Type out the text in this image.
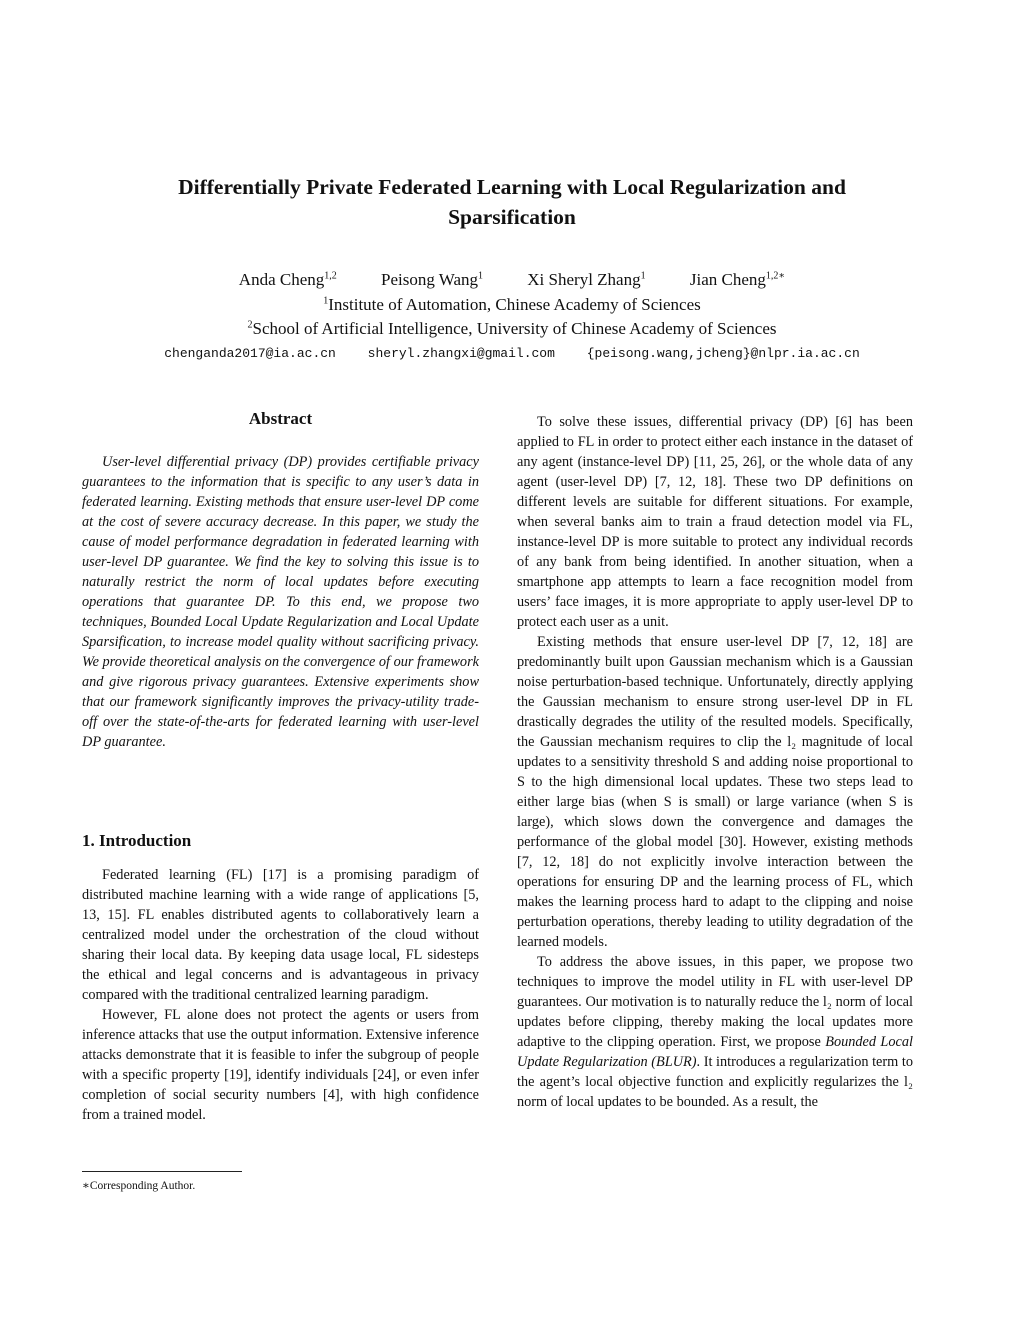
Differentially Private Federated Learning with Local Regularization and
Sparsification
Anda Cheng$^{1,2}$	Peisong Wang$^1$	Xi Sheryl Zhang$^1$	Jian Cheng$^{1,2∗}$
$^1$Institute of Automation, Chinese Academy of Sciences
$^2$School of Artificial Intelligence, University of Chinese Academy of Sciences
chenganda2017@ia.ac.cn sheryl.zhangxi@gmail.com {peisong.wang,jcheng}@nlpr.ia.ac.cn
Abstract

User-level differential privacy (DP) provides certifiable privacy guarantees to the information that is specific to any user’s data in federated learning. Existing methods that ensure user-level DP come at the cost of severe accuracy decrease. In this paper, we study the cause of model performance degradation in federated learning with user-level DP guarantee. We find the key to solving this issue is to naturally restrict the norm of local updates before executing operations that guarantee DP. To this end, we propose two techniques, Bounded Local Update Regularization and Local Update Sparsification, to increase model quality without sacrificing privacy. We provide theoretical analysis on the convergence of our framework and give rigorous privacy guarantees. Extensive experiments show that our framework significantly improves the privacy-utility trade-off over the state-of-the-arts for federated learning with user-level DP guarantee.

1. Introduction

Federated learning (FL) [17] is a promising paradigm of distributed machine learning with a wide range of applications [5, 13, 15]. FL enables distributed agents to collaboratively learn a centralized model under the orchestration of the cloud without sharing their local data. By keeping data usage local, FL sidesteps the ethical and legal concerns and is advantageous in privacy compared with the traditional centralized learning paradigm.

However, FL alone does not protect the agents or users from inference attacks that use the output information. Extensive inference attacks demonstrate that it is feasible to infer the subgroup of people with a specific property [19], identify individuals [24], or even infer completion of social security numbers [4], with high confidence from a trained model.

∗Corresponding Author.

To solve these issues, differential privacy (DP) [6] has been applied to FL in order to protect either each instance in the dataset of any agent (instance-level DP) [11, 25, 26], or the whole data of any agent (user-level DP) [7, 12, 18]. These two DP definitions on different levels are suitable for different situations. For example, when several banks aim to train a fraud detection model via FL, instance-level DP is more suitable to protect any individual records of any bank from being identified. In another situation, when a smartphone app attempts to learn a face recognition model from users’ face images, it is more appropriate to apply user-level DP to protect each user as a unit.

Existing methods that ensure user-level DP [7, 12, 18] are predominantly built upon Gaussian mechanism which is a Gaussian noise perturbation-based technique. Unfortunately, directly applying the Gaussian mechanism to ensure strong user-level DP in FL drastically degrades the utility of the resulted models. Specifically, the Gaussian mechanism requires to clip the l₂ magnitude of local updates to a sensitivity threshold S and adding noise proportional to S to the high dimensional local updates. These two steps lead to either large bias (when S is small) or large variance (when S is large), which slows down the convergence and damages the performance of the global model [30]. However, existing methods [7, 12, 18] do not explicitly involve interaction between the operations for ensuring DP and the learning process of FL, which makes the learning process hard to adapt to the clipping and noise perturbation operations, thereby leading to utility degradation of the learned models.

To address the above issues, in this paper, we propose two techniques to improve the model utility in FL with user-level DP guarantees. Our motivation is to naturally reduce the l₂ norm of local updates before clipping, thereby making the local updates more adaptive to the clipping operation. First, we propose Bounded Local Update Regularization (BLUR). It introduces a regularization term to the agent’s local objective function and explicitly regularizes the l₂ norm of local updates to be bounded. As a result, the
